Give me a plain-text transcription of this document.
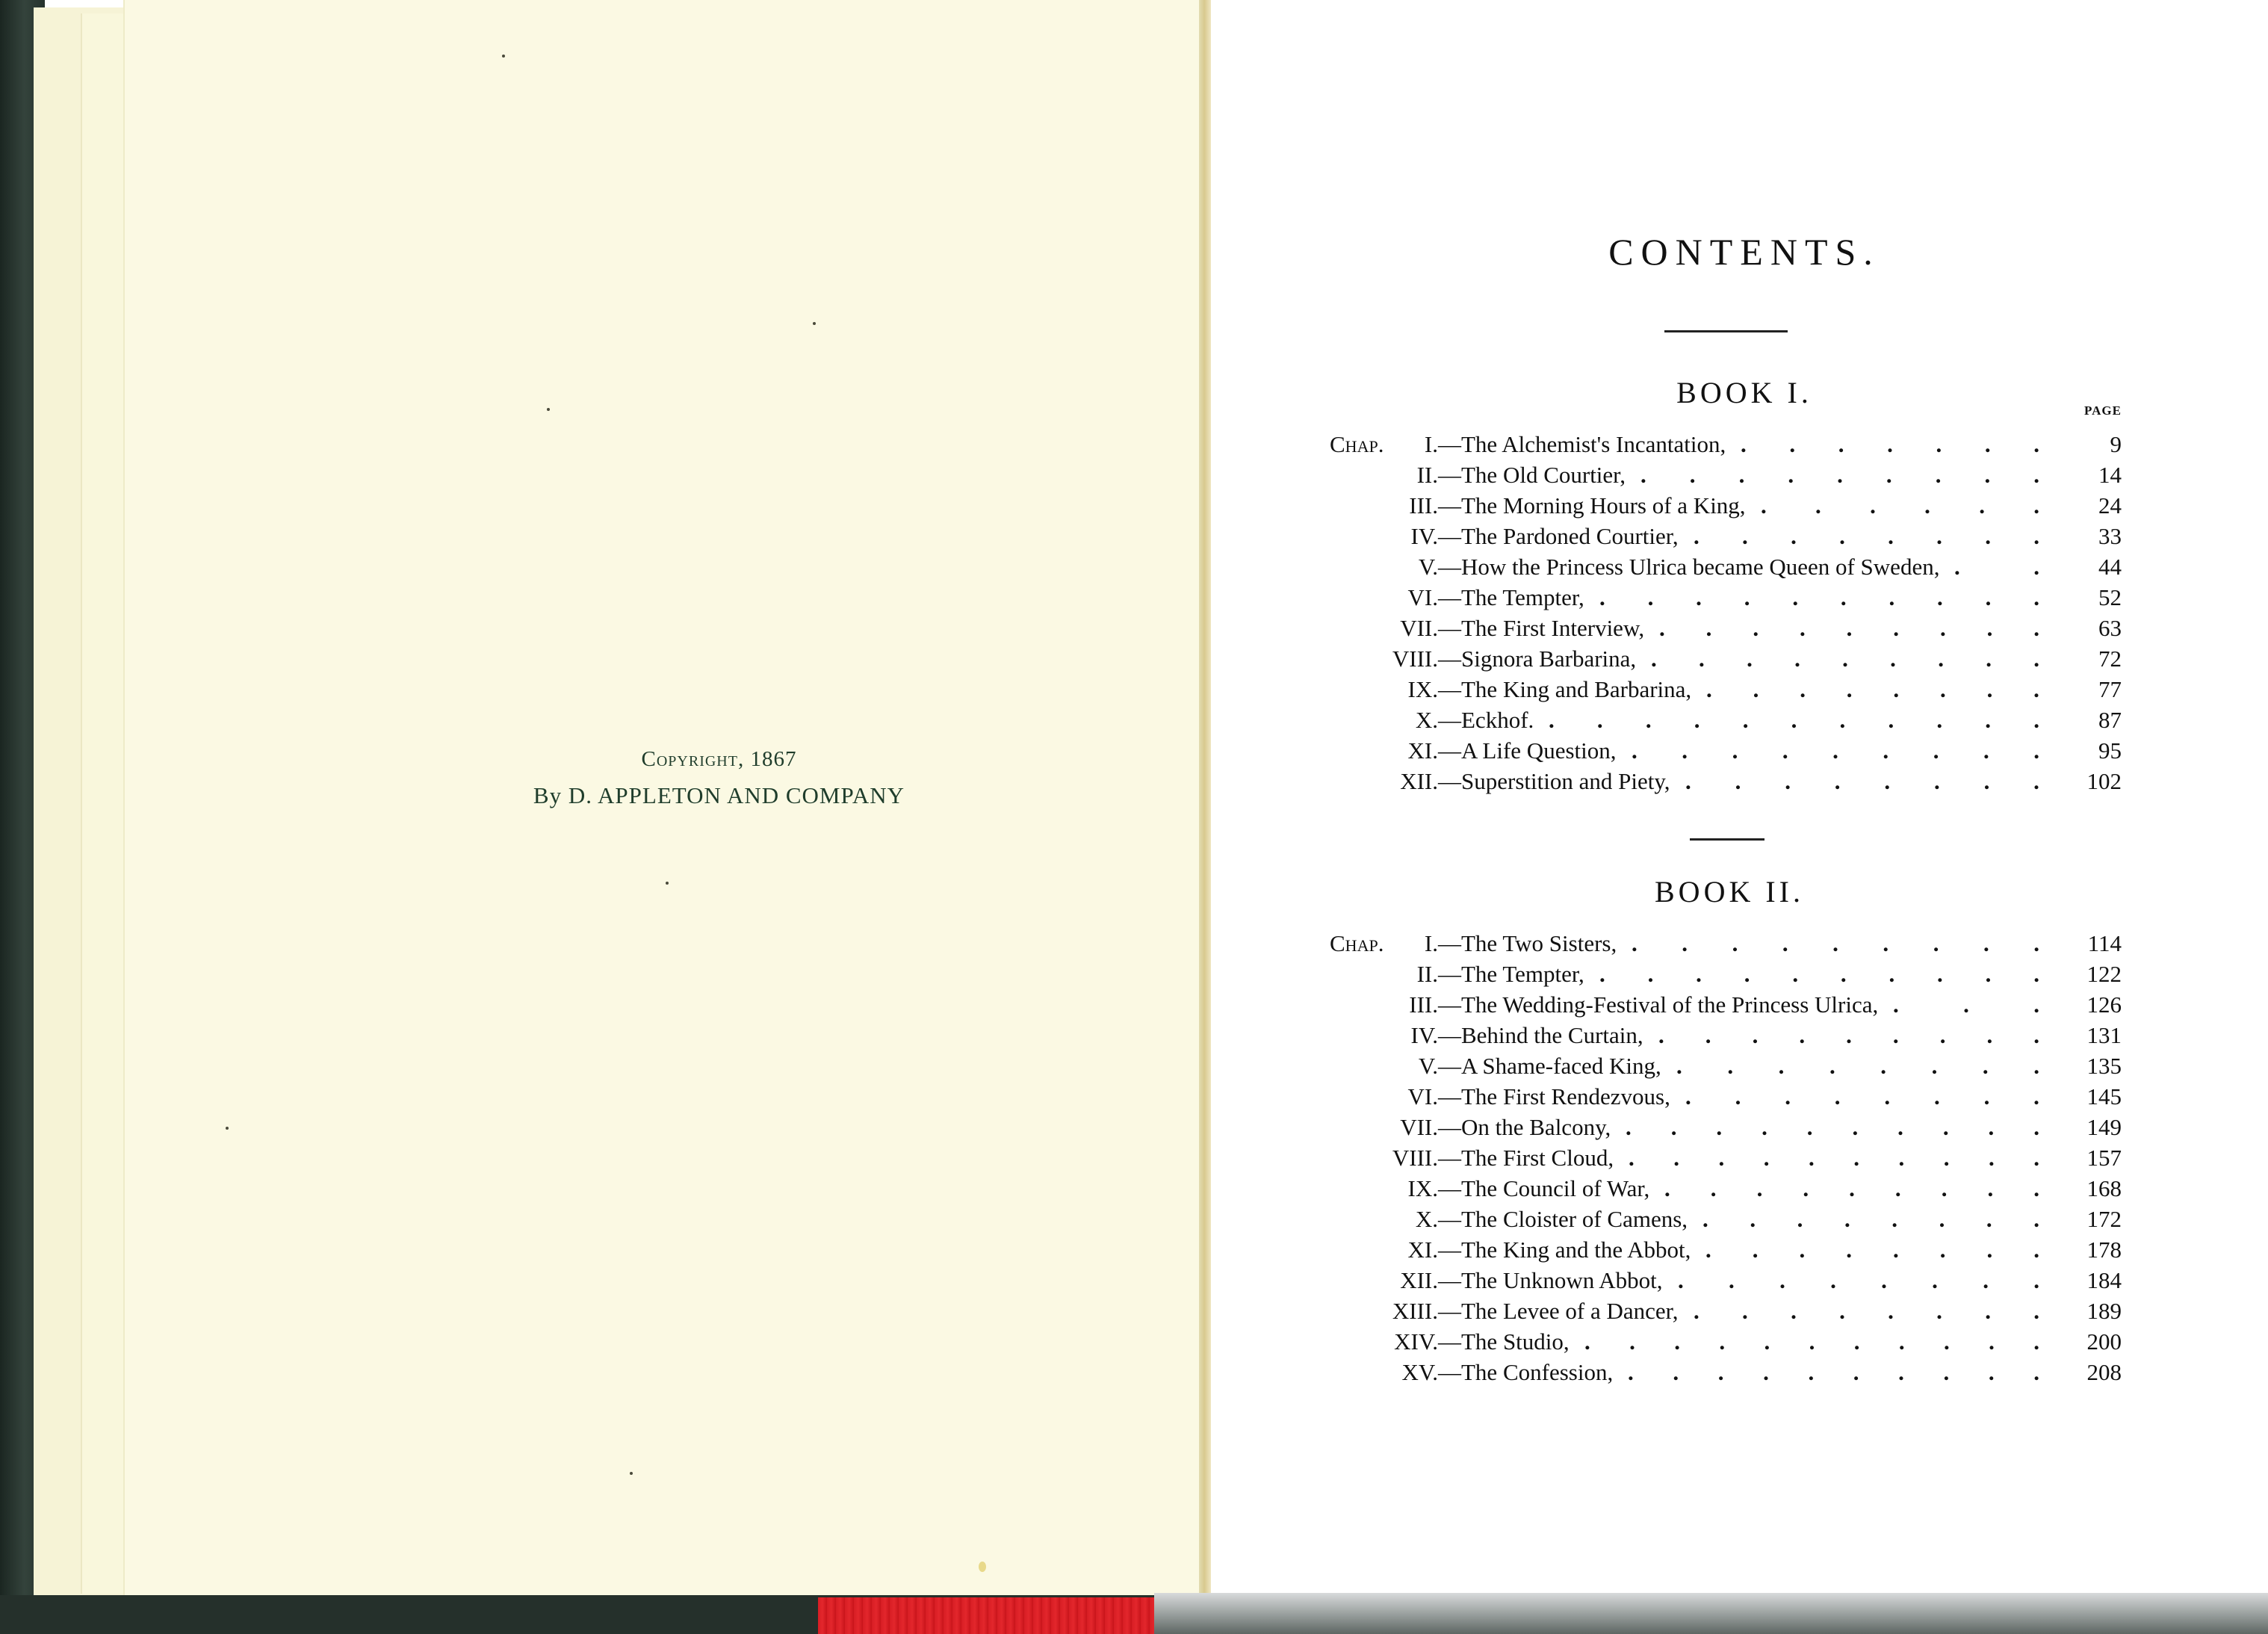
Copyright, 1867
By D. APPLETON AND COMPANY
CONTENTS.
BOOK I.
PAGE
Chap.	I. —The Alchemist's Incantation,	9
. . . . . . .
II. —The Old Courtier,	14
. . . . . . . . .
III. —The Morning Hours of a King,	24
. . . . . .
IV. —The Pardoned Courtier,	33
. . . . . . . .
V. —How the Princess Ulrica became Queen of Sweden,	44
.	.
VI. —The Tempter,	52
. . . . . . . . . .
VII. —The First Interview,	63
. . . . . . . . .
VIII. —Signora Barbarina,	72
. . . . . . . . .
IX. —The King and Barbarina,	77
. . . . . . . .
X. —Eckhof.	87
. . . . . . . . . . .
XI. —A Life Question,	95
. . . . . . . . .
XII. —Superstition and Piety,	102
. . . . . . . .
BOOK II.
Chap.	I. —The Two Sisters,	114
. . . . . . . . .
II. —The Tempter,	122
. . . . . . . . . .
III. —The Wedding-Festival of the Princess Ulrica,	126
.	.	.
IV. —Behind the Curtain,	131
. . . . . . . . .
V. —A Shame-faced King,	135
. . . . . . . .
VI. —The First Rendezvous,	145
. . . . . . . .
VII. —On the Balcony,	149
. . . . . . . . . .
VIII. —The First Cloud,	157
. . . . . . . . . .
IX. —The Council of War,	168
. . . . . . . . .
X. —The Cloister of Camens,	172
. . . . . . . .
XI. —The King and the Abbot,	178
. . . . . . . .
XII. —The Unknown Abbot,	184
. . . . . . . .
XIII. —The Levee of a Dancer,	189
. . . . . . . .
XIV. —The Studio,	200
. . . . . . . . . . .
XV. —The Confession,	208
. . . . . . . . . .
